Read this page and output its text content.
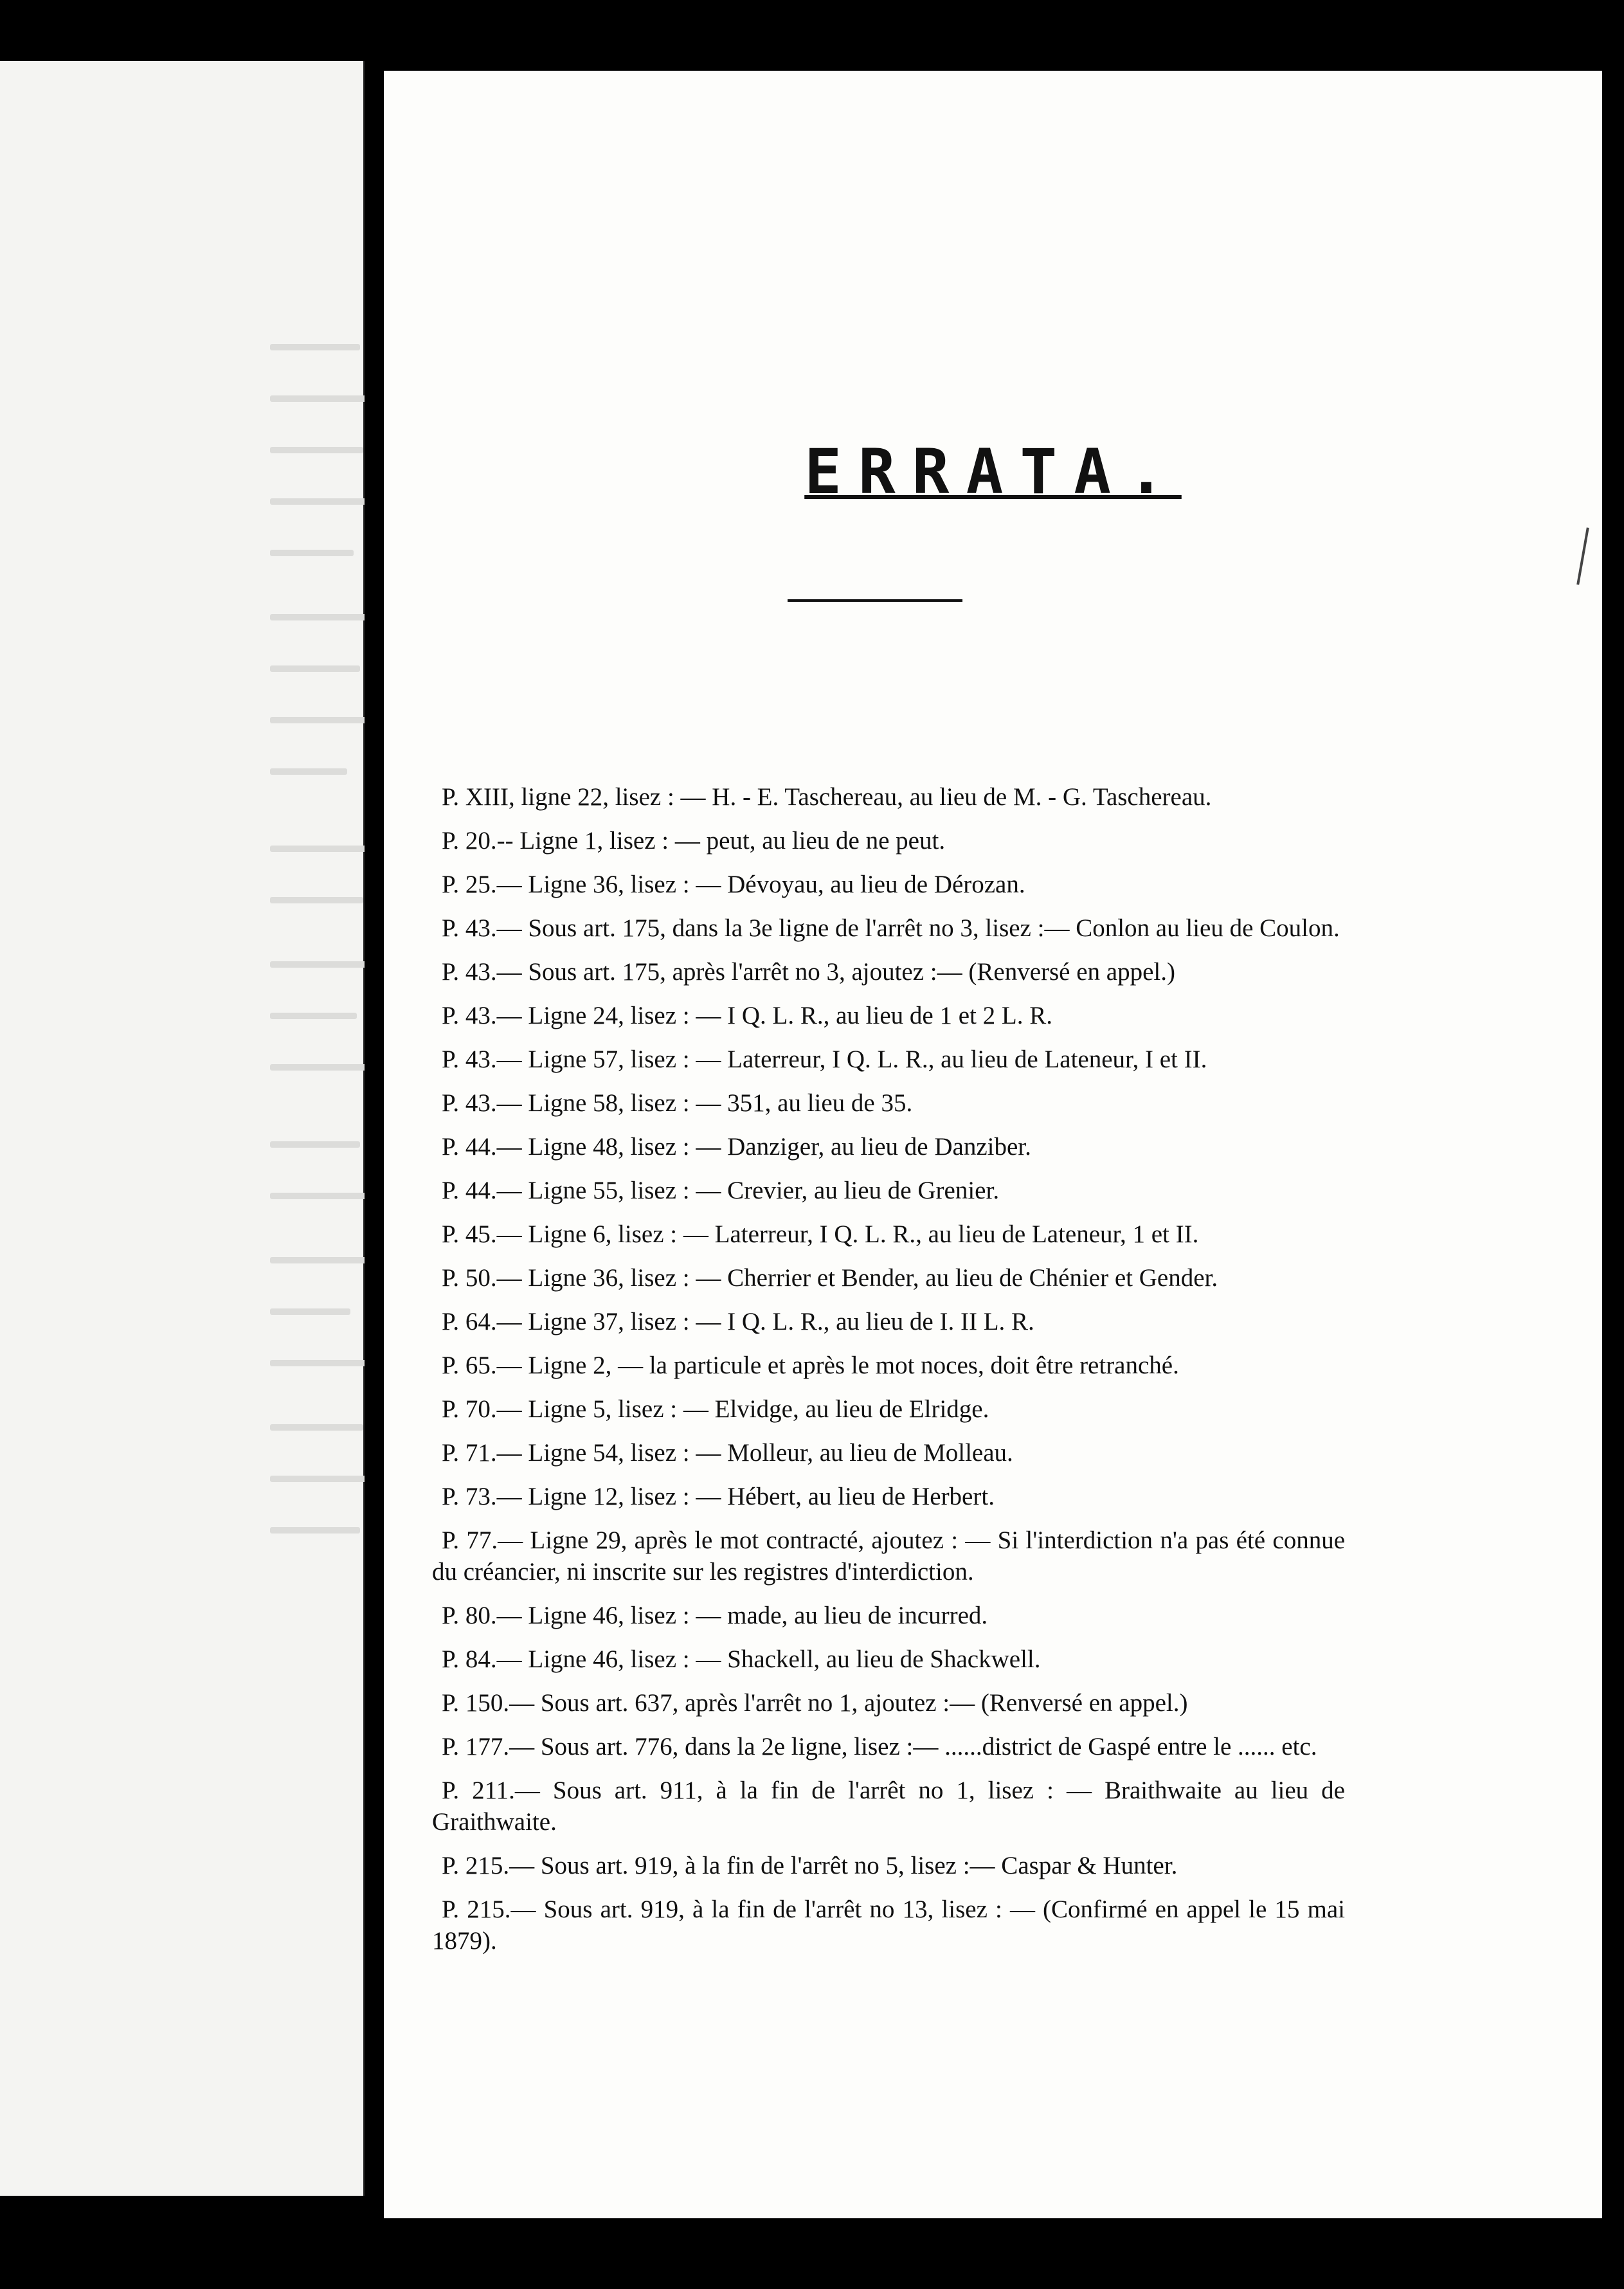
ERRATA.

P. XIII, ligne 22, lisez : — H. - E. Taschereau, au lieu de M. - G. Taschereau.

P. 20.-- Ligne 1, lisez : — peut, au lieu de ne peut.

P. 25.— Ligne 36, lisez : — Dévoyau, au lieu de Dérozan.

P. 43.— Sous art. 175, dans la 3e ligne de l'arrêt no 3, lisez :— Conlon au lieu de Coulon.

P. 43.— Sous art. 175, après l'arrêt no 3, ajoutez :— (Renversé en appel.)

P. 43.— Ligne 24, lisez : — I Q. L. R., au lieu de 1 et 2 L. R.

P. 43.— Ligne 57, lisez : — Laterreur, I Q. L. R., au lieu de Lateneur, I et II.

P. 43.— Ligne 58, lisez : — 351, au lieu de 35.

P. 44.— Ligne 48, lisez : — Danziger, au lieu de Danziber.

P. 44.— Ligne 55, lisez : — Crevier, au lieu de Grenier.

P. 45.— Ligne 6, lisez : — Laterreur, I Q. L. R., au lieu de Lateneur, 1 et II.

P. 50.— Ligne 36, lisez : — Cherrier et Bender, au lieu de Chénier et Gender.

P. 64.— Ligne 37, lisez : — I Q. L. R., au lieu de I. II L. R.

P. 65.— Ligne 2, — la particule et après le mot noces, doit être retranché.

P. 70.— Ligne 5, lisez : — Elvidge, au lieu de Elridge.

P. 71.— Ligne 54, lisez : — Molleur, au lieu de Molleau.

P. 73.— Ligne 12, lisez : — Hébert, au lieu de Herbert.

P. 77.— Ligne 29, après le mot contracté, ajoutez : — Si l'interdiction n'a pas été connue du créancier, ni inscrite sur les registres d'interdiction.

P. 80.— Ligne 46, lisez : — made, au lieu de incurred.

P. 84.— Ligne 46, lisez : — Shackell, au lieu de Shackwell.

P. 150.— Sous art. 637, après l'arrêt no 1, ajoutez :— (Renversé en appel.)

P. 177.— Sous art. 776, dans la 2e ligne, lisez :— ......district de Gaspé entre le ...... etc.

P. 211.— Sous art. 911, à la fin de l'arrêt no 1, lisez : — Braithwaite au lieu de Graithwaite.

P. 215.— Sous art. 919, à la fin de l'arrêt no 5, lisez :— Caspar & Hunter.

P. 215.— Sous art. 919, à la fin de l'arrêt no 13, lisez : — (Confirmé en appel le 15 mai 1879).
